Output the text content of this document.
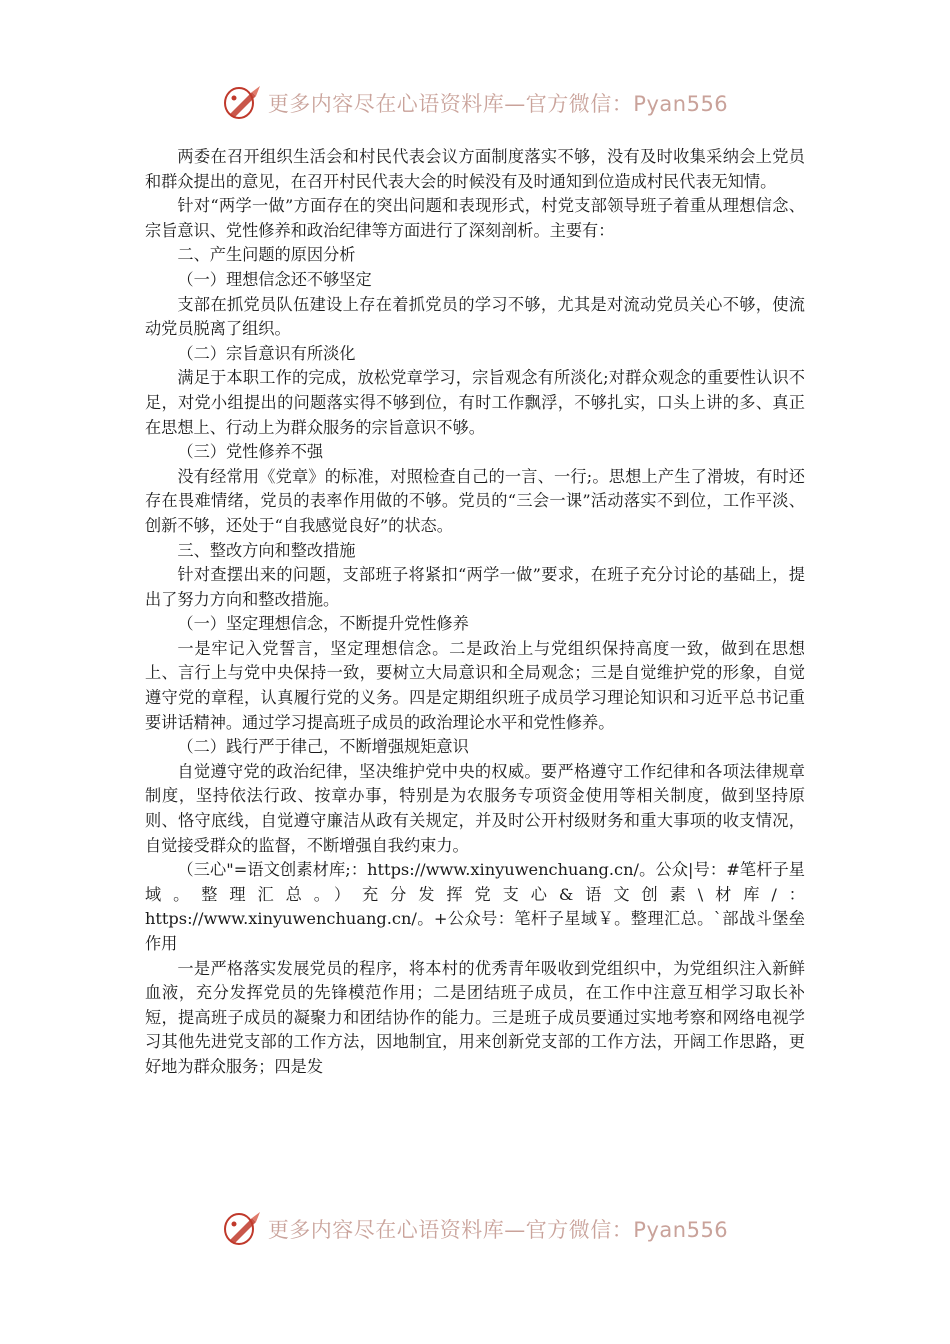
更多内容尽在心语资料库—官方微信：Pyan556

两委在召开组织生活会和村民代表会议方面制度落实不够，没有及时收集采纳会上党员和群众提出的意见，在召开村民代表大会的时候没有及时通知到位造成村民代表无知情。

针对“两学一做”方面存在的突出问题和表现形式，村党支部领导班子着重从理想信念、宗旨意识、党性修养和政治纪律等方面进行了深刻剖析。主要有：

二、产生问题的原因分析

（一）理想信念还不够坚定

支部在抓党员队伍建设上存在着抓党员的学习不够，尤其是对流动党员关心不够，使流动党员脱离了组织。

（二）宗旨意识有所淡化

满足于本职工作的完成，放松党章学习，宗旨观念有所淡化;对群众观念的重要性认识不足，对党小组提出的问题落实得不够到位，有时工作飘浮，不够扎实，口头上讲的多、真正在思想上、行动上为群众服务的宗旨意识不够。

（三）党性修养不强

没有经常用《党章》的标准，对照检查自己的一言、一行;。思想上产生了滑坡，有时还存在畏难情绪，党员的表率作用做的不够。党员的“三会一课”活动落实不到位，工作平淡、创新不够，还处于“自我感觉良好”的状态。

三、整改方向和整改措施

针对查摆出来的问题，支部班子将紧扣“两学一做”要求，在班子充分讨论的基础上，提出了努力方向和整改措施。

（一）坚定理想信念，不断提升党性修养

一是牢记入党誓言，坚定理想信念。二是政治上与党组织保持高度一致，做到在思想上、言行上与党中央保持一致，要树立大局意识和全局观念；三是自觉维护党的形象，自觉遵守党的章程，认真履行党的义务。四是定期组织班子成员学习理论知识和习近平总书记重要讲话精神。通过学习提高班子成员的政治理论水平和党性修养。

（二）践行严于律己，不断增强规矩意识

自觉遵守党的政治纪律，坚决维护党中央的权威。要严格遵守工作纪律和各项法律规章制度，坚持依法行政、按章办事，特别是为农服务专项资金使用等相关制度，做到坚持原则、恪守底线，自觉遵守廉洁从政有关规定，并及时公开村级财务和重大事项的收支情况，自觉接受群众的监督，不断增强自我约束力。

（三心"=语文创素材库;：https://www.xinyuwenchuang.cn/。公众|号：#笔杆子星域。整理汇总。）充分发挥党支心&语文创素\材库/：https://www.xinyuwenchuang.cn/。+公众号：笔杆子星域￥。整理汇总。`部战斗堡垒作用

一是严格落实发展党员的程序，将本村的优秀青年吸收到党组织中，为党组织注入新鲜血液，充分发挥党员的先锋模范作用；二是团结班子成员，在工作中注意互相学习取长补短，提高班子成员的凝聚力和团结协作的能力。三是班子成员要通过实地考察和网络电视学习其他先进党支部的工作方法，因地制宜，用来创新党支部的工作方法，开阔工作思路，更好地为群众服务；四是发

更多内容尽在心语资料库—官方微信：Pyan556
